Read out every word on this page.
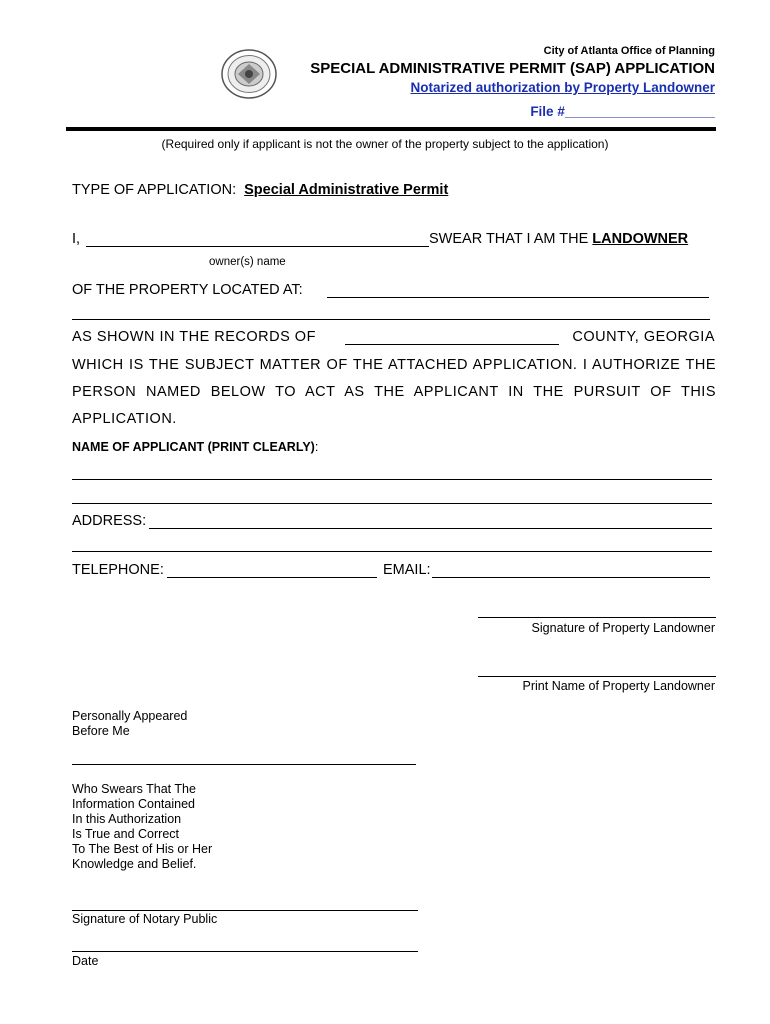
City of Atlanta Office of Planning
SPECIAL ADMINISTRATIVE PERMIT (SAP) APPLICATION
Notarized authorization by Property Landowner
File #____________________
(Required only if applicant is not the owner of the property subject to the application)
TYPE OF APPLICATION: Special Administrative Permit
I,	SWEAR THAT I AM THE LANDOWNER
owner(s) name
OF THE PROPERTY LOCATED AT:
AS SHOWN IN THE RECORDS OF	COUNTY, GEORGIA
WHICH IS THE SUBJECT MATTER OF THE ATTACHED APPLICATION. I AUTHORIZE THE
PERSON NAMED BELOW TO ACT AS THE APPLICANT IN THE PURSUIT OF THIS
APPLICATION.
NAME OF APPLICANT (PRINT CLEARLY):
ADDRESS:
TELEPHONE:	EMAIL:
Signature of Property Landowner
Print Name of Property Landowner
Personally Appeared
Before Me
Who Swears That The
Information Contained
In this Authorization
Is True and Correct
To The Best of His or Her
Knowledge and Belief.
Signature of Notary Public
Date
